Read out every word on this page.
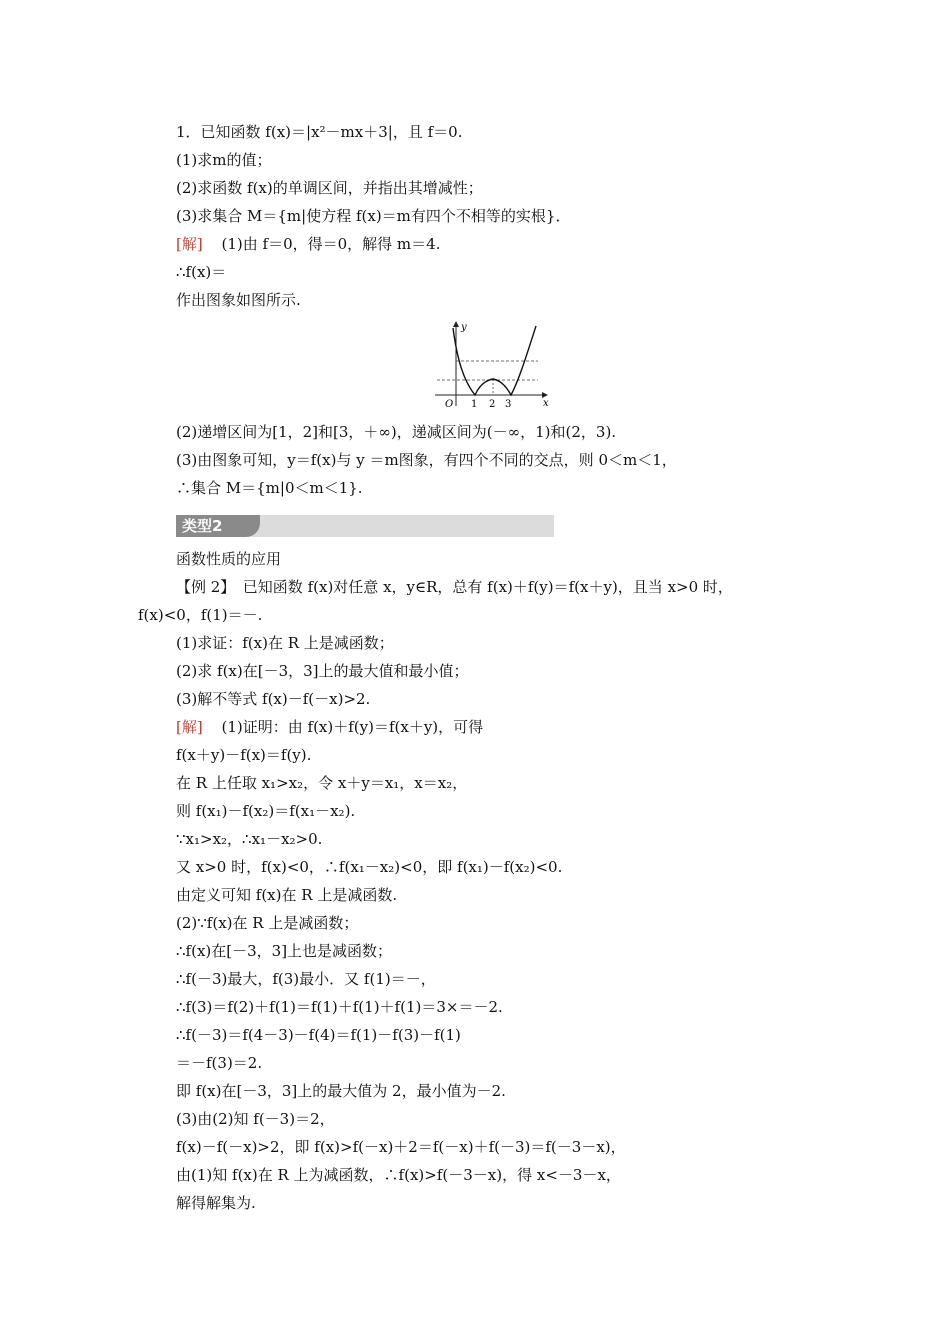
1．已知函数 f(x)＝|x²－mx＋3|，且 f＝0.
(1)求m的值；
(2)求函数 f(x)的单调区间，并指出其增减性；
(3)求集合 M＝{m|使方程 f(x)＝m有四个不相等的实根}．
[解] (1)由 f＝0，得＝0，解得 m＝4.
∴f(x)＝
作出图象如图所示.
y
x
O 1 2 3
(2)递增区间为[1，2]和[3，＋∞)，递减区间为(－∞，1)和(2，3).
(3)由图象可知，y＝f(x)与 y ＝m图象，有四个不同的交点，则 0＜m＜1，
∴集合 M＝{m|0＜m＜1}.
类型2
函数性质的应用
【例 2】　已知函数 f(x)对任意 x，y∈R，总有 f(x)＋f(y)＝f(x＋y)，且当 x>0 时，
f(x)<0，f(1)＝－.
(1)求证：f(x)在 R 上是减函数；
(2)求 f(x)在[－3，3]上的最大值和最小值；
(3)解不等式 f(x)－f(－x)>2.
[解] (1)证明：由 f(x)＋f(y)＝f(x＋y)，可得
f(x＋y)－f(x)＝f(y).
在 R 上任取 x₁>x₂，令 x＋y＝x₁，x＝x₂，
则 f(x₁)－f(x₂)＝f(x₁－x₂).
∵x₁>x₂，∴x₁－x₂>0.
又 x>0 时，f(x)<0，∴f(x₁－x₂)<0，即 f(x₁)－f(x₂)<0.
由定义可知 f(x)在 R 上是减函数.
(2)∵f(x)在 R 上是减函数；
∴f(x)在[－3，3]上也是减函数；
∴f(－3)最大，f(3)最小．又 f(1)＝－，
∴f(3)＝f(2)＋f(1)＝f(1)＋f(1)＋f(1)＝3×＝－2.
∴f(－3)＝f(4－3)－f(4)＝f(1)－f(3)－f(1)
＝－f(3)＝2.
即 f(x)在[－3，3]上的最大值为 2，最小值为－2.
(3)由(2)知 f(－3)＝2，
f(x)－f(－x)>2，即 f(x)>f(－x)＋2＝f(－x)＋f(－3)＝f(－3－x)，
由(1)知 f(x)在 R 上为减函数，∴f(x)>f(－3－x)，得 x<－3－x，
解得解集为.
